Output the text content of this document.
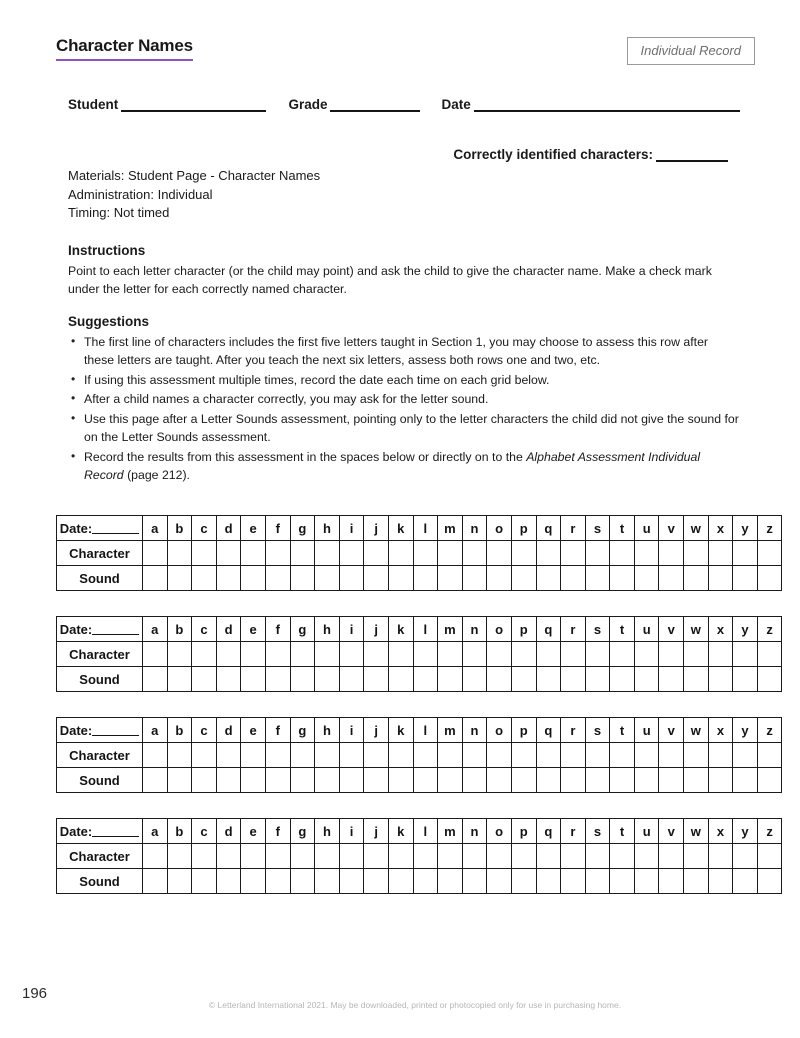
Character Names	Individual Record
Student	Grade	Date
Correctly identified characters:
Materials: Student Page - Character Names
Administration: Individual
Timing: Not timed

Instructions

Point to each letter character (or the child may point) and ask the child to give the character name. Make a check mark under the letter for each correctly named character.

Suggestions

• The first line of characters includes the first five letters taught in Section 1, you may choose to assess this row after these letters are taught. After you teach the next six letters, assess both rows one and two, etc.
• If using this assessment multiple times, record the date each time on each grid below.
• After a child names a character correctly, you may ask for the letter sound.
• Use this page after a Letter Sounds assessment, pointing only to the letter characters the child did not give the sound for on the Letter Sounds assessment.
• Record the results from this assessment in the spaces below or directly on to the Alphabet Assessment Individual Record (page 212).
Date:	a	b	c	d	e	f	g	h	i	j	k	l	m	n	o	p	q	r	s	t	u	v	w	x	y	z
Character																										
Sound																										
Date:	a	b	c	d	e	f	g	h	i	j	k	l	m	n	o	p	q	r	s	t	u	v	w	x	y	z
Character																										
Sound																										
Date:	a	b	c	d	e	f	g	h	i	j	k	l	m	n	o	p	q	r	s	t	u	v	w	x	y	z
Character																										
Sound																										
Date:	a	b	c	d	e	f	g	h	i	j	k	l	m	n	o	p	q	r	s	t	u	v	w	x	y	z
Character																										
Sound																										
196
© Letterland International 2021. May be downloaded, printed or photocopied only for use in purchasing home.
